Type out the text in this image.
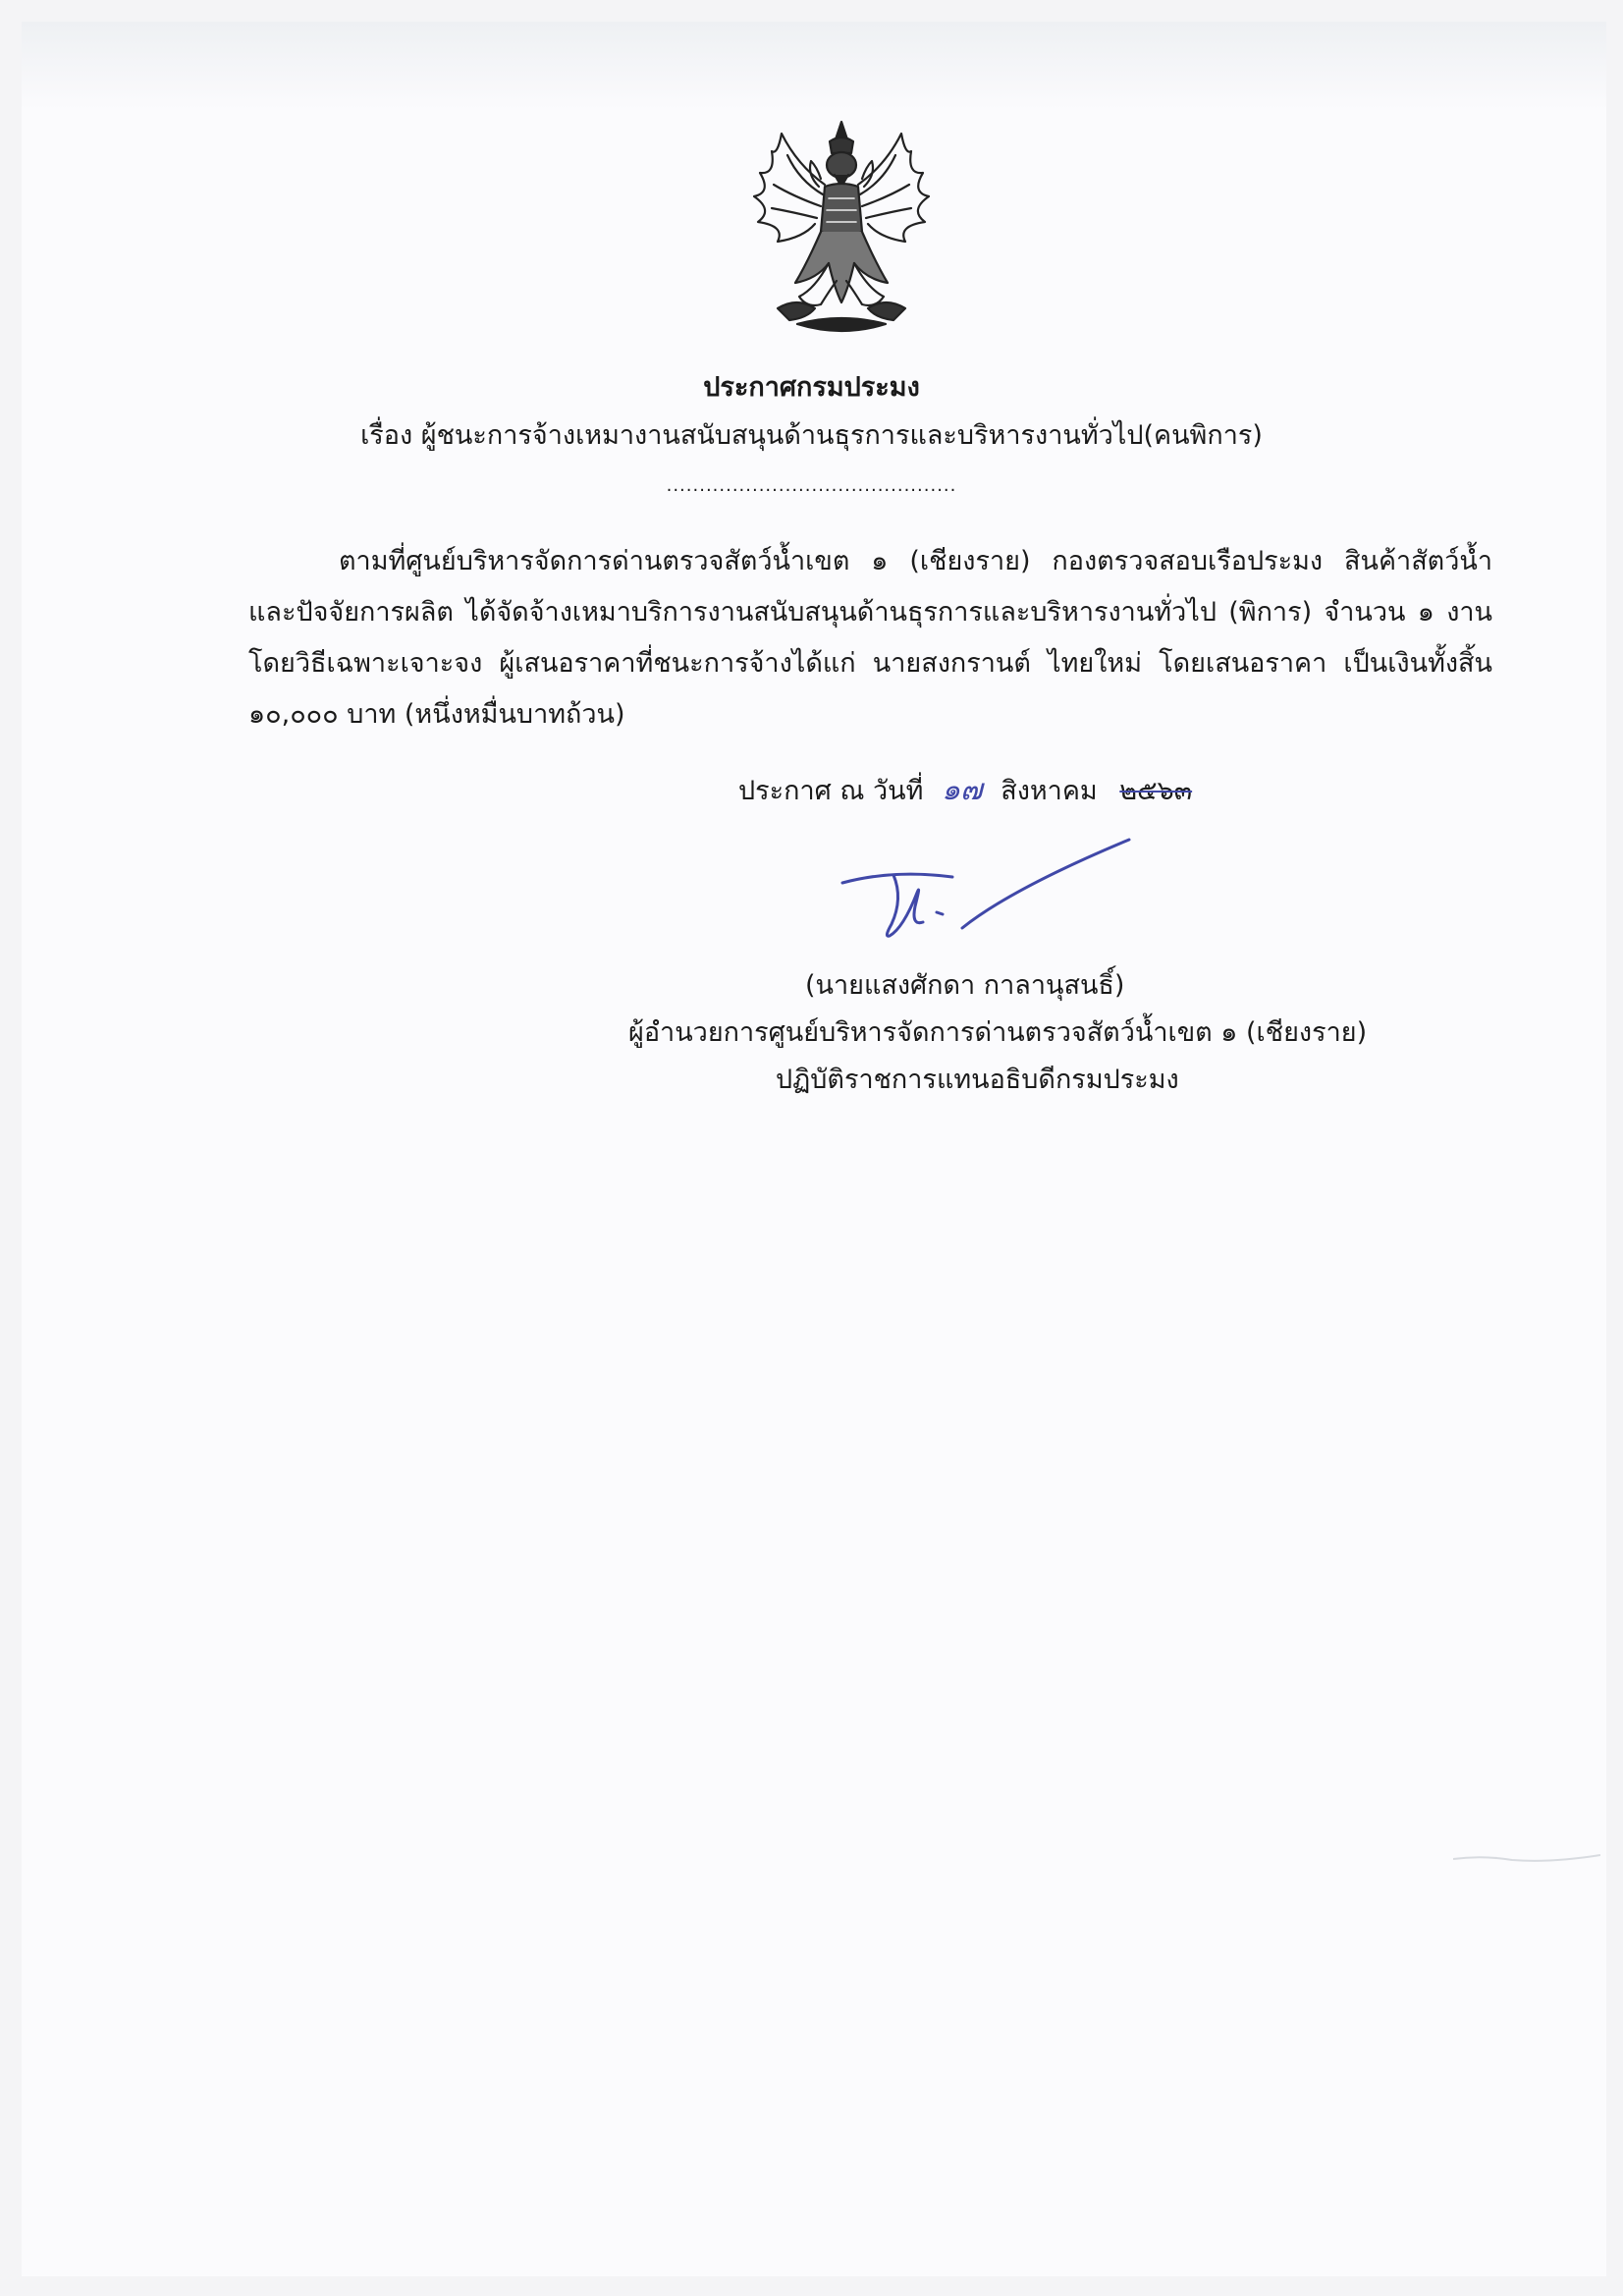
ประกาศกรมประมง
เรื่อง ผู้ชนะการจ้างเหมางานสนับสนุนด้านธุรการและบริหารงานทั่วไป(คนพิการ)
............................................
ตามที่ศูนย์บริหารจัดการด่านตรวจสัตว์น้ำเขต ๑ (เชียงราย) กองตรวจสอบเรือประมง สินค้าสัตว์น้ำ
และปัจจัยการผลิต ได้จัดจ้างเหมาบริการงานสนับสนุนด้านธุรการและบริหารงานทั่วไป (พิการ) จำนวน ๑ งาน
โดยวิธีเฉพาะเจาะจง ผู้เสนอราคาที่ชนะการจ้างได้แก่ นายสงกรานต์ ไทยใหม่ โดยเสนอราคา เป็นเงินทั้งสิ้น
๑๐,๐๐๐ บาท (หนึ่งหมื่นบาทถ้วน)
ประกาศ ณ วันที่ ๑๗ สิงหาคม ๒๕๖๓
(นายแสงศักดา กาลานุสนธิ์)
ผู้อำนวยการศูนย์บริหารจัดการด่านตรวจสัตว์น้ำเขต ๑ (เชียงราย)
ปฏิบัติราชการแทนอธิบดีกรมประมง
